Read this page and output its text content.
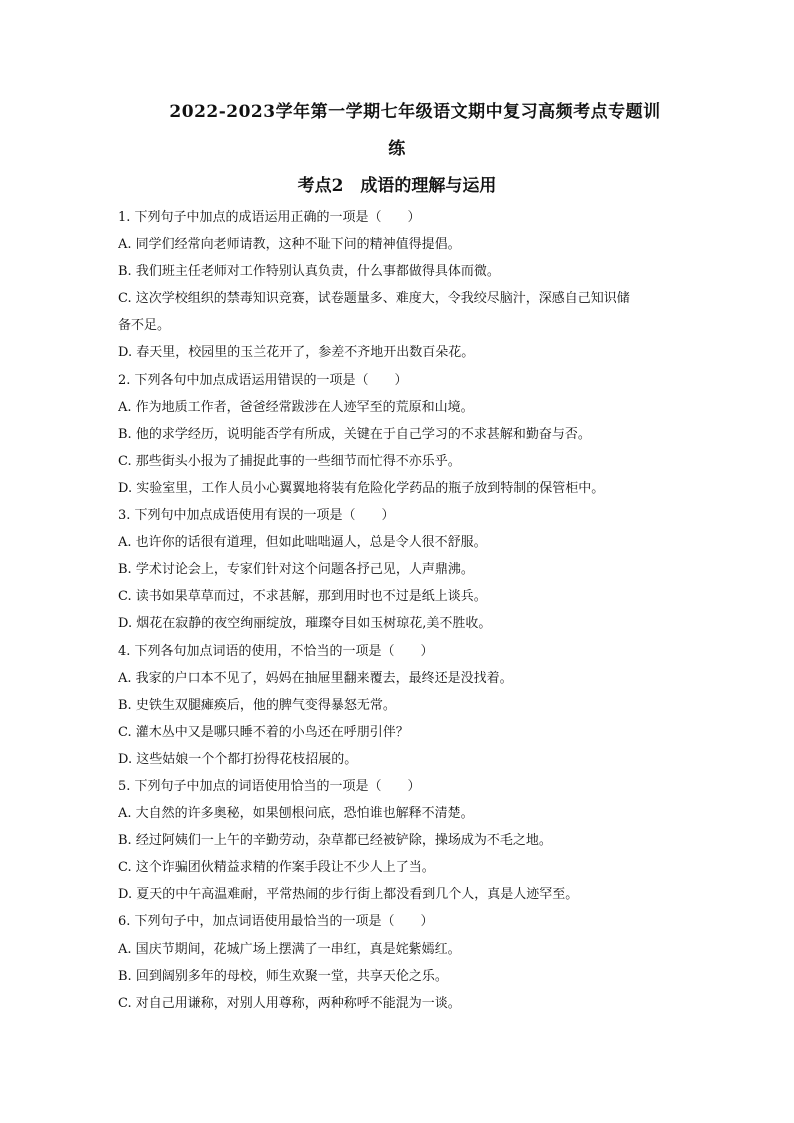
2022-2023学年第一学期七年级语文期中复习高频考点专题训
练
考点2　成语的理解与运用
1. 下列句子中加点的成语运用正确的一项是（　　）
A. 同学们经常向老师请教，这种不耻下问的精神值得提倡。
B. 我们班主任老师对工作特别认真负责，什么事都做得具体而微。
C. 这次学校组织的禁毒知识竞赛，试卷题量多、难度大，令我绞尽脑汁，深感自己知识储
备不足。
D. 春天里，校园里的玉兰花开了，参差不齐地开出数百朵花。
2. 下列各句中加点成语运用错误的一项是（　　）
A. 作为地质工作者，爸爸经常跋涉在人迹罕至的荒原和山境。
B. 他的求学经历，说明能否学有所成，关键在于自己学习的不求甚解和勤奋与否。
C. 那些街头小报为了捕捉此事的一些细节而忙得不亦乐乎。
D. 实验室里，工作人员小心翼翼地将装有危险化学药品的瓶子放到特制的保管柜中。
3. 下列句中加点成语使用有误的一项是（　　）
A. 也许你的话很有道理，但如此咄咄逼人，总是令人很不舒服。
B. 学术讨论会上，专家们针对这个问题各抒己见，人声鼎沸。
C. 读书如果草草而过，不求甚解，那到用时也不过是纸上谈兵。
D. 烟花在寂静的夜空绚丽绽放，璀璨夺目如玉树琼花,美不胜收。
4. 下列各句加点词语的使用，不恰当的一项是（　　）
A. 我家的户口本不见了，妈妈在抽屉里翻来覆去，最终还是没找着。
B. 史铁生双腿瘫痪后，他的脾气变得暴怒无常。
C. 灌木丛中又是哪只睡不着的小鸟还在呼朋引伴？
D. 这些姑娘一个个都打扮得花枝招展的。
5. 下列句子中加点的词语使用恰当的一项是（　　）
A. 大自然的许多奥秘，如果刨根问底，恐怕谁也解释不清楚。
B. 经过阿姨们一上午的辛勤劳动，杂草都已经被铲除，操场成为不毛之地。
C. 这个诈骗团伙精益求精的作案手段让不少人上了当。
D. 夏天的中午高温难耐，平常热闹的步行街上都没看到几个人，真是人迹罕至。
6. 下列句子中，加点词语使用最恰当的一项是（　　）
A. 国庆节期间，花城广场上摆满了一串红，真是姹紫嫣红。
B. 回到阔别多年的母校，师生欢聚一堂，共享天伦之乐。
C. 对自己用谦称，对别人用尊称，两种称呼不能混为一谈。
